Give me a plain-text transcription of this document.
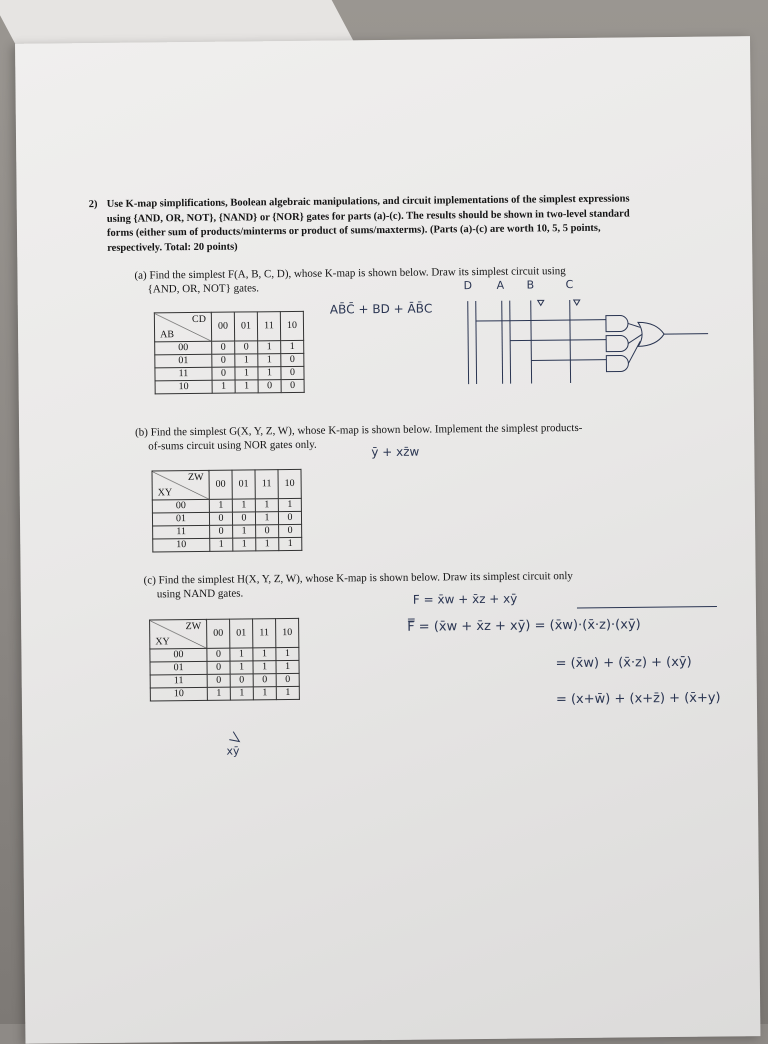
2) Use K-map simplifications, Boolean algebraic manipulations, and circuit implementations of the simplest expressions using {AND, OR, NOT}, {NAND} or {NOR} gates for parts (a)-(c). The results should be shown in two-level standard forms (either sum of products/minterms or product of sums/maxterms). (Parts (a)-(c) are worth 10, 5, 5 points, respectively. Total: 20 points)
(a) Find the simplest F(A, B, C, D), whose K-map is shown below. Draw its simplest circuit using
{AND, OR, NOT} gates.
CD
AB	00	01	11	10
00	0	0	1	1
01	0	1	1	0
11	0	1	1	0
10	1	1	0	0
AB̄C̄ + BD + ĀB̄C
D A B	C
(b) Find the simplest G(X, Y, Z, W), whose K-map is shown below. Implement the simplest products-
of-sums circuit using NOR gates only.	ȳ + xz̄w
ZW
XY	00	01	11	10
00	1	1	1	1
01	0	0	1	0
11	0	1	0	0
10	1	1	1	1
(c) Find the simplest H(X, Y, Z, W), whose K-map is shown below. Draw its simplest circuit only
using NAND gates.
ZW
XY	00	01	11	10
00	0	1	1	1
01	0	1	1	1
11	0	0	0	0
10	1	1	1	1
F = x̄w + x̄z + xȳ
F̿ = (x̄w + x̄z + xȳ) = (x̄w)·(x̄·z)·(xȳ)
= (x̄w) + (x̄·z) + (xȳ)
= (x+w̄) + (x+z̄) + (x̄+y)
xȳ
